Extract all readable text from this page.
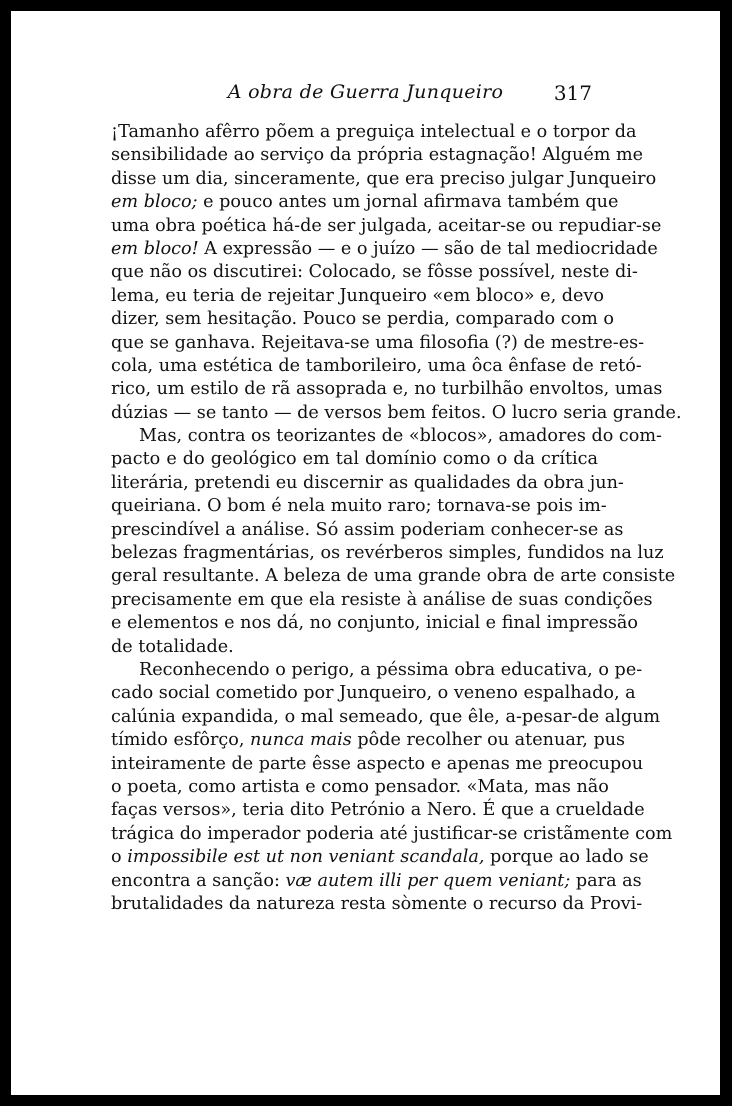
A obra de Guerra Junqueiro	317
¡Tamanho afêrro põem a preguiça intelectual e o torpor da
sensibilidade ao serviço da própria estagnação! Alguém me
disse um dia, sinceramente, que era preciso julgar Junqueiro
em bloco; e pouco antes um jornal afirmava também que
uma obra poética há-de ser julgada, aceitar-se ou repudiar-se
em bloco! A expressão — e o juízo — são de tal mediocridade
que não os discutirei: Colocado, se fôsse possível, neste di-
lema, eu teria de rejeitar Junqueiro «em bloco» e, devo
dizer, sem hesitação. Pouco se perdia, comparado com o
que se ganhava. Rejeitava-se uma filosofia (?) de mestre-es-
cola, uma estética de tamborileiro, uma ôca ênfase de retó-
rico, um estilo de rã assoprada e, no turbilhão envoltos, umas
dúzias — se tanto — de versos bem feitos. O lucro seria grande.
Mas, contra os teorizantes de «blocos», amadores do com-
pacto e do geológico em tal domínio como o da crítica
literária, pretendi eu discernir as qualidades da obra jun-
queiriana. O bom é nela muito raro; tornava-se pois im-
prescindível a análise. Só assim poderiam conhecer-se as
belezas fragmentárias, os revérberos simples, fundidos na luz
geral resultante. A beleza de uma grande obra de arte consiste
precisamente em que ela resiste à análise de suas condições
e elementos e nos dá, no conjunto, inicial e final impressão
de totalidade.
Reconhecendo o perigo, a péssima obra educativa, o pe-
cado social cometido por Junqueiro, o veneno espalhado, a
calúnia expandida, o mal semeado, que êle, a-pesar-de algum
tímido esfôrço, nunca mais pôde recolher ou atenuar, pus
inteiramente de parte êsse aspecto e apenas me preocupou
o poeta, como artista e como pensador. «Mata, mas não
faças versos», teria dito Petrónio a Nero. É que a crueldade
trágica do imperador poderia até justificar-se cristãmente com
o impossibile est ut non veniant scandala, porque ao lado se
encontra a sanção: væ autem illi per quem veniant; para as
brutalidades da natureza resta sòmente o recurso da Provi-
